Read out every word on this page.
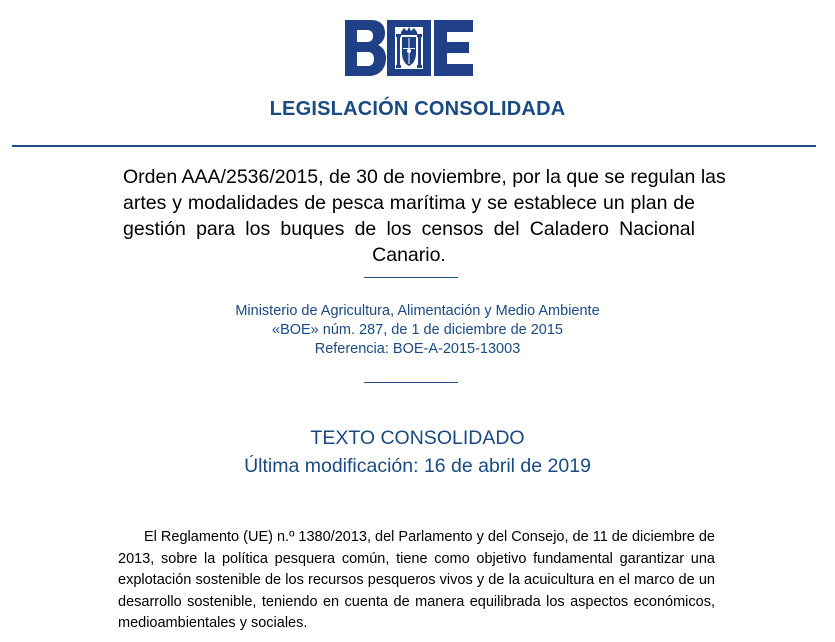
LEGISLACIÓN CONSOLIDADA
Orden AAA/2536/2015, de 30 de noviembre, por la que se regulan las
artes y modalidades de pesca marítima y se establece un plan de
gestión para los buques de los censos del Caladero Nacional
Canario.
Ministerio de Agricultura, Alimentación y Medio Ambiente
«BOE» núm. 287, de 1 de diciembre de 2015
Referencia: BOE-A-2015-13003
TEXTO CONSOLIDADO
Última modificación: 16 de abril de 2019
El Reglamento (UE) n.º 1380/2013, del Parlamento y del Consejo, de 11 de diciembre de
2013, sobre la política pesquera común, tiene como objetivo fundamental garantizar una
explotación sostenible de los recursos pesqueros vivos y de la acuicultura en el marco de un
desarrollo sostenible, teniendo en cuenta de manera equilibrada los aspectos económicos,
medioambientales y sociales.
